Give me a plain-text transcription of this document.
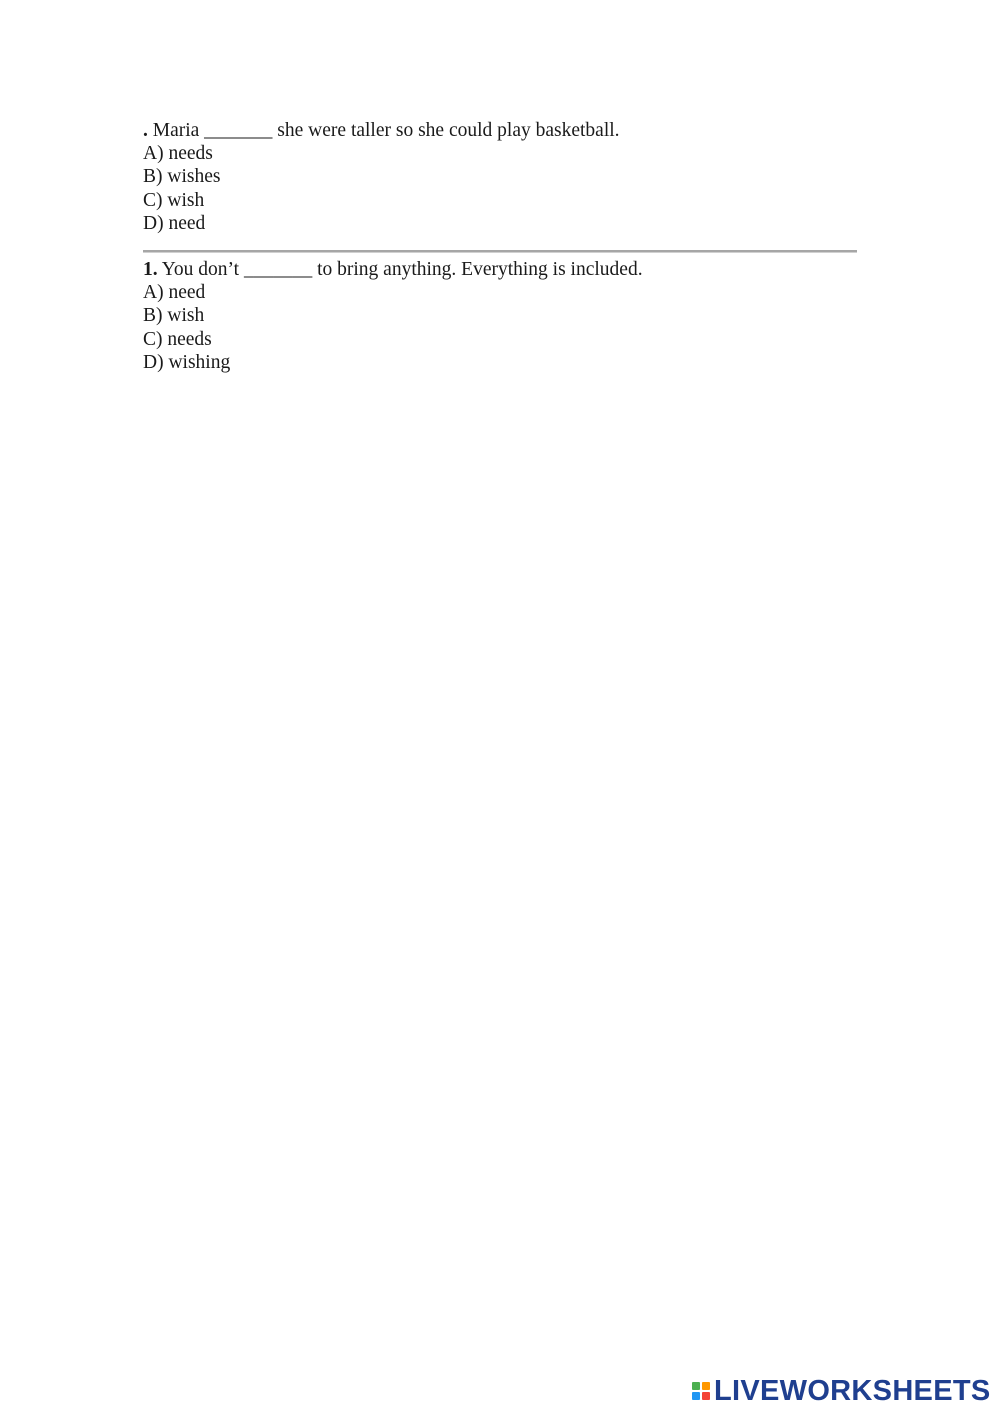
. Maria _______ she were taller so she could play basketball.
A) needs
B) wishes
C) wish
D) need
1. You don’t _______ to bring anything. Everything is included.
A) need
B) wish
C) needs
D) wishing
LIVEWORKSHEETS
